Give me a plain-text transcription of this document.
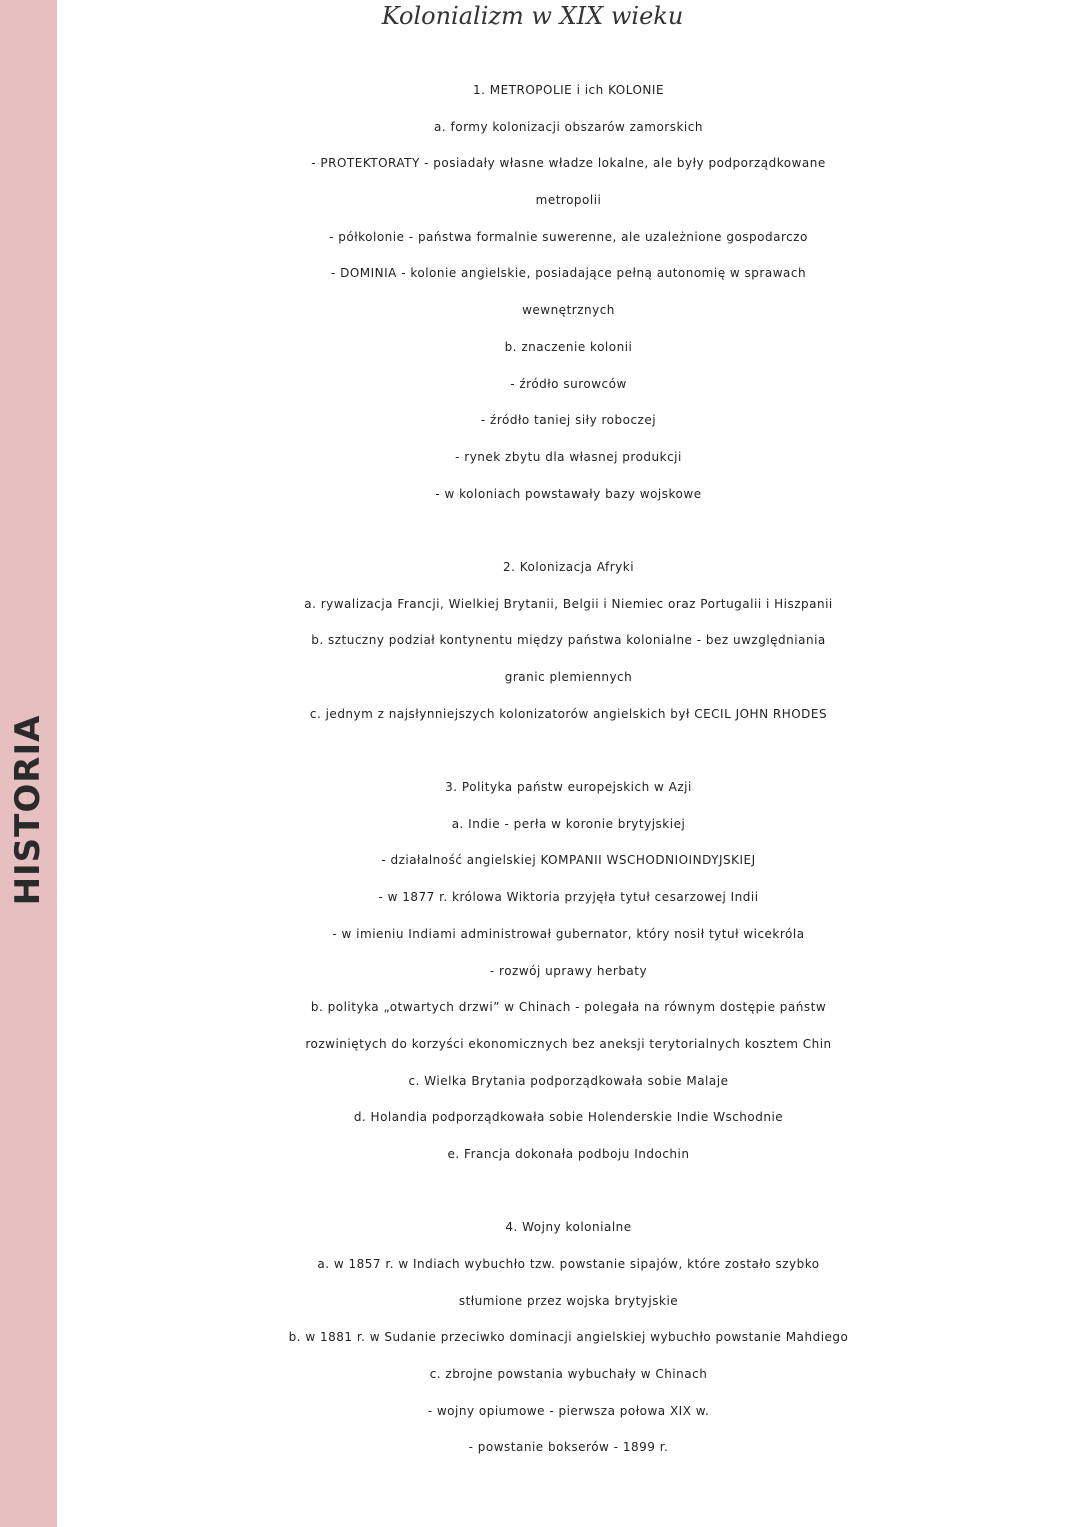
HISTORIA
Kolonializm w XIX wieku
1. METROPOLIE i ich KOLONIE
a. formy kolonizacji obszarów zamorskich
- PROTEKTORATY - posiadały własne władze lokalne, ale były podporządkowane
metropolii
- półkolonie - państwa formalnie suwerenne, ale uzależnione gospodarczo
- DOMINIA - kolonie angielskie, posiadające pełną autonomię w sprawach
wewnętrznych
b. znaczenie kolonii
- źródło surowców
- źródło taniej siły roboczej
- rynek zbytu dla własnej produkcji
- w koloniach powstawały bazy wojskowe
2. Kolonizacja Afryki
a. rywalizacja Francji, Wielkiej Brytanii, Belgii i Niemiec oraz Portugalii i Hiszpanii
b. sztuczny podział kontynentu między państwa kolonialne - bez uwzględniania
granic plemiennych
c. jednym z najsłynniejszych kolonizatorów angielskich był CECIL JOHN RHODES
3. Polityka państw europejskich w Azji
a. Indie - perła w koronie brytyjskiej
- działalność angielskiej KOMPANII WSCHODNIOINDYJSKIEJ
- w 1877 r. królowa Wiktoria przyjęła tytuł cesarzowej Indii
- w imieniu Indiami administrował gubernator, który nosił tytuł wicekróla
- rozwój uprawy herbaty
b. polityka „otwartych drzwi” w Chinach - polegała na równym dostępie państw
rozwiniętych do korzyści ekonomicznych bez aneksji terytorialnych kosztem Chin
c. Wielka Brytania podporządkowała sobie Malaje
d. Holandia podporządkowała sobie Holenderskie Indie Wschodnie
e. Francja dokonała podboju Indochin
4. Wojny kolonialne
a. w 1857 r. w Indiach wybuchło tzw. powstanie sipajów, które zostało szybko
stłumione przez wojska brytyjskie
b. w 1881 r. w Sudanie przeciwko dominacji angielskiej wybuchło powstanie Mahdiego
c. zbrojne powstania wybuchały w Chinach
- wojny opiumowe - pierwsza połowa XIX w.
- powstanie bokserów - 1899 r.
